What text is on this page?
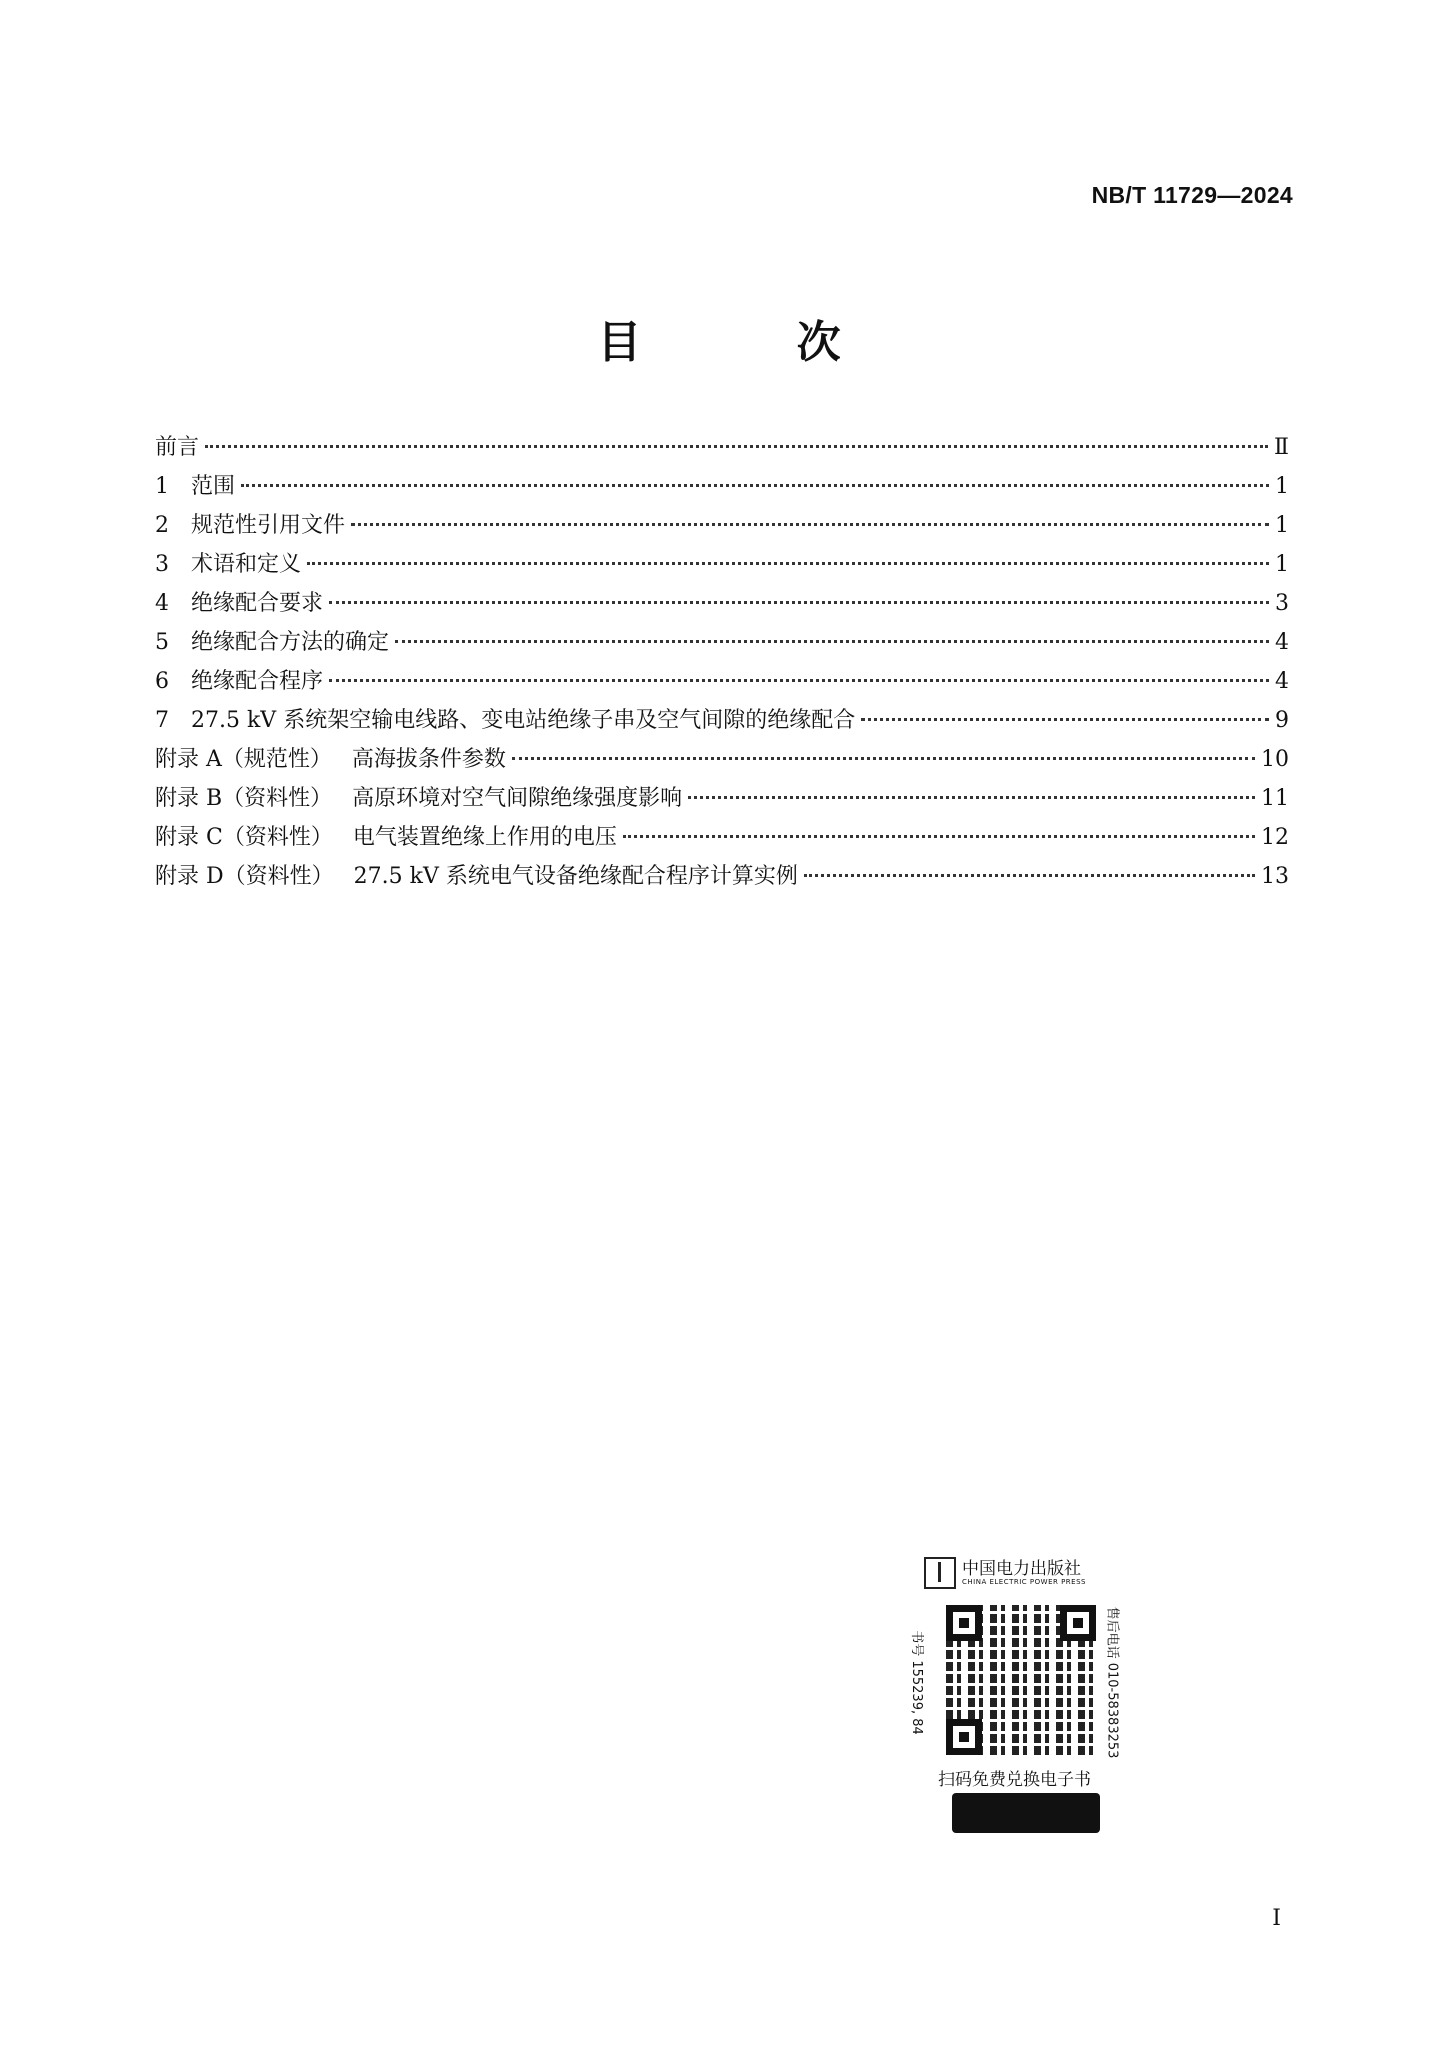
NB/T 11729—2024
目 次
前言	Ⅱ
1	范围	1
2	规范性引用文件	1
3	术语和定义	1
4	绝缘配合要求	3
5	绝缘配合方法的确定	4
6	绝缘配合程序	4
7	27.5 kV 系统架空输电线路、变电站绝缘子串及空气间隙的绝缘配合	9
附录 A（规范性） 高海拔条件参数	10
附录 B（资料性） 高原环境对空气间隙绝缘强度影响	11
附录 C（资料性） 电气装置绝缘上作用的电压	12
附录 D（资料性） 27.5 kV 系统电气设备绝缘配合程序计算实例	13
中国电力出版社
CHINA ELECTRIC POWER PRESS
书号 155239, 84	售后电话 010-58383253
扫码免费兑换电子书
I
